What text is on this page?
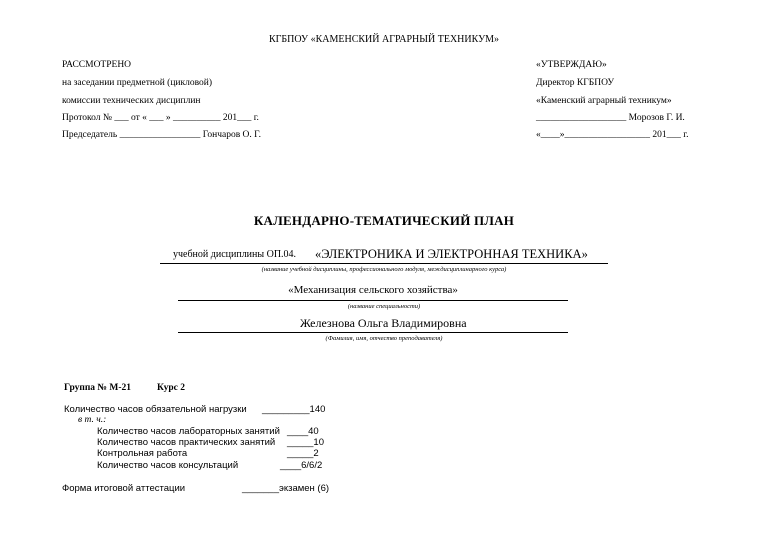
КГБПОУ «КАМЕНСКИЙ АГРАРНЫЙ ТЕХНИКУМ»
РАССМОТРЕНО
на заседании предметной (цикловой)
комиссии технических дисциплин
Протокол № ___ от « ___ » __________ 201___ г.
Председатель _________________ Гончаров О. Г.
«УТВЕРЖДАЮ»
Директор КГБПОУ
«Каменский аграрный техникум»
___________________ Морозов Г. И.
«____»__________________ 201___ г.
КАЛЕНДАРНО-ТЕМАТИЧЕСКИЙ ПЛАН
учебной дисциплины ОП.04. «ЭЛЕКТРОНИКА И ЭЛЕКТРОННАЯ ТЕХНИКА»
(название учебной дисциплины, профессионального модуля, междисциплинарного курса)
«Механизация сельского хозяйства»
(название специальности)
Железнова Ольга Владимировна
(Фамилия, имя, отчество преподавателя)
Группа № М-21	Курс 2
Количество часов обязательной нагрузки _________140
в т. ч.:
Количество часов лабораторных занятий ____40
Количество часов практических занятий _____10
Контрольная работа	_____2
Количество часов консультаций	____6/6/2
Форма итоговой аттестации	_______экзамен (6)
